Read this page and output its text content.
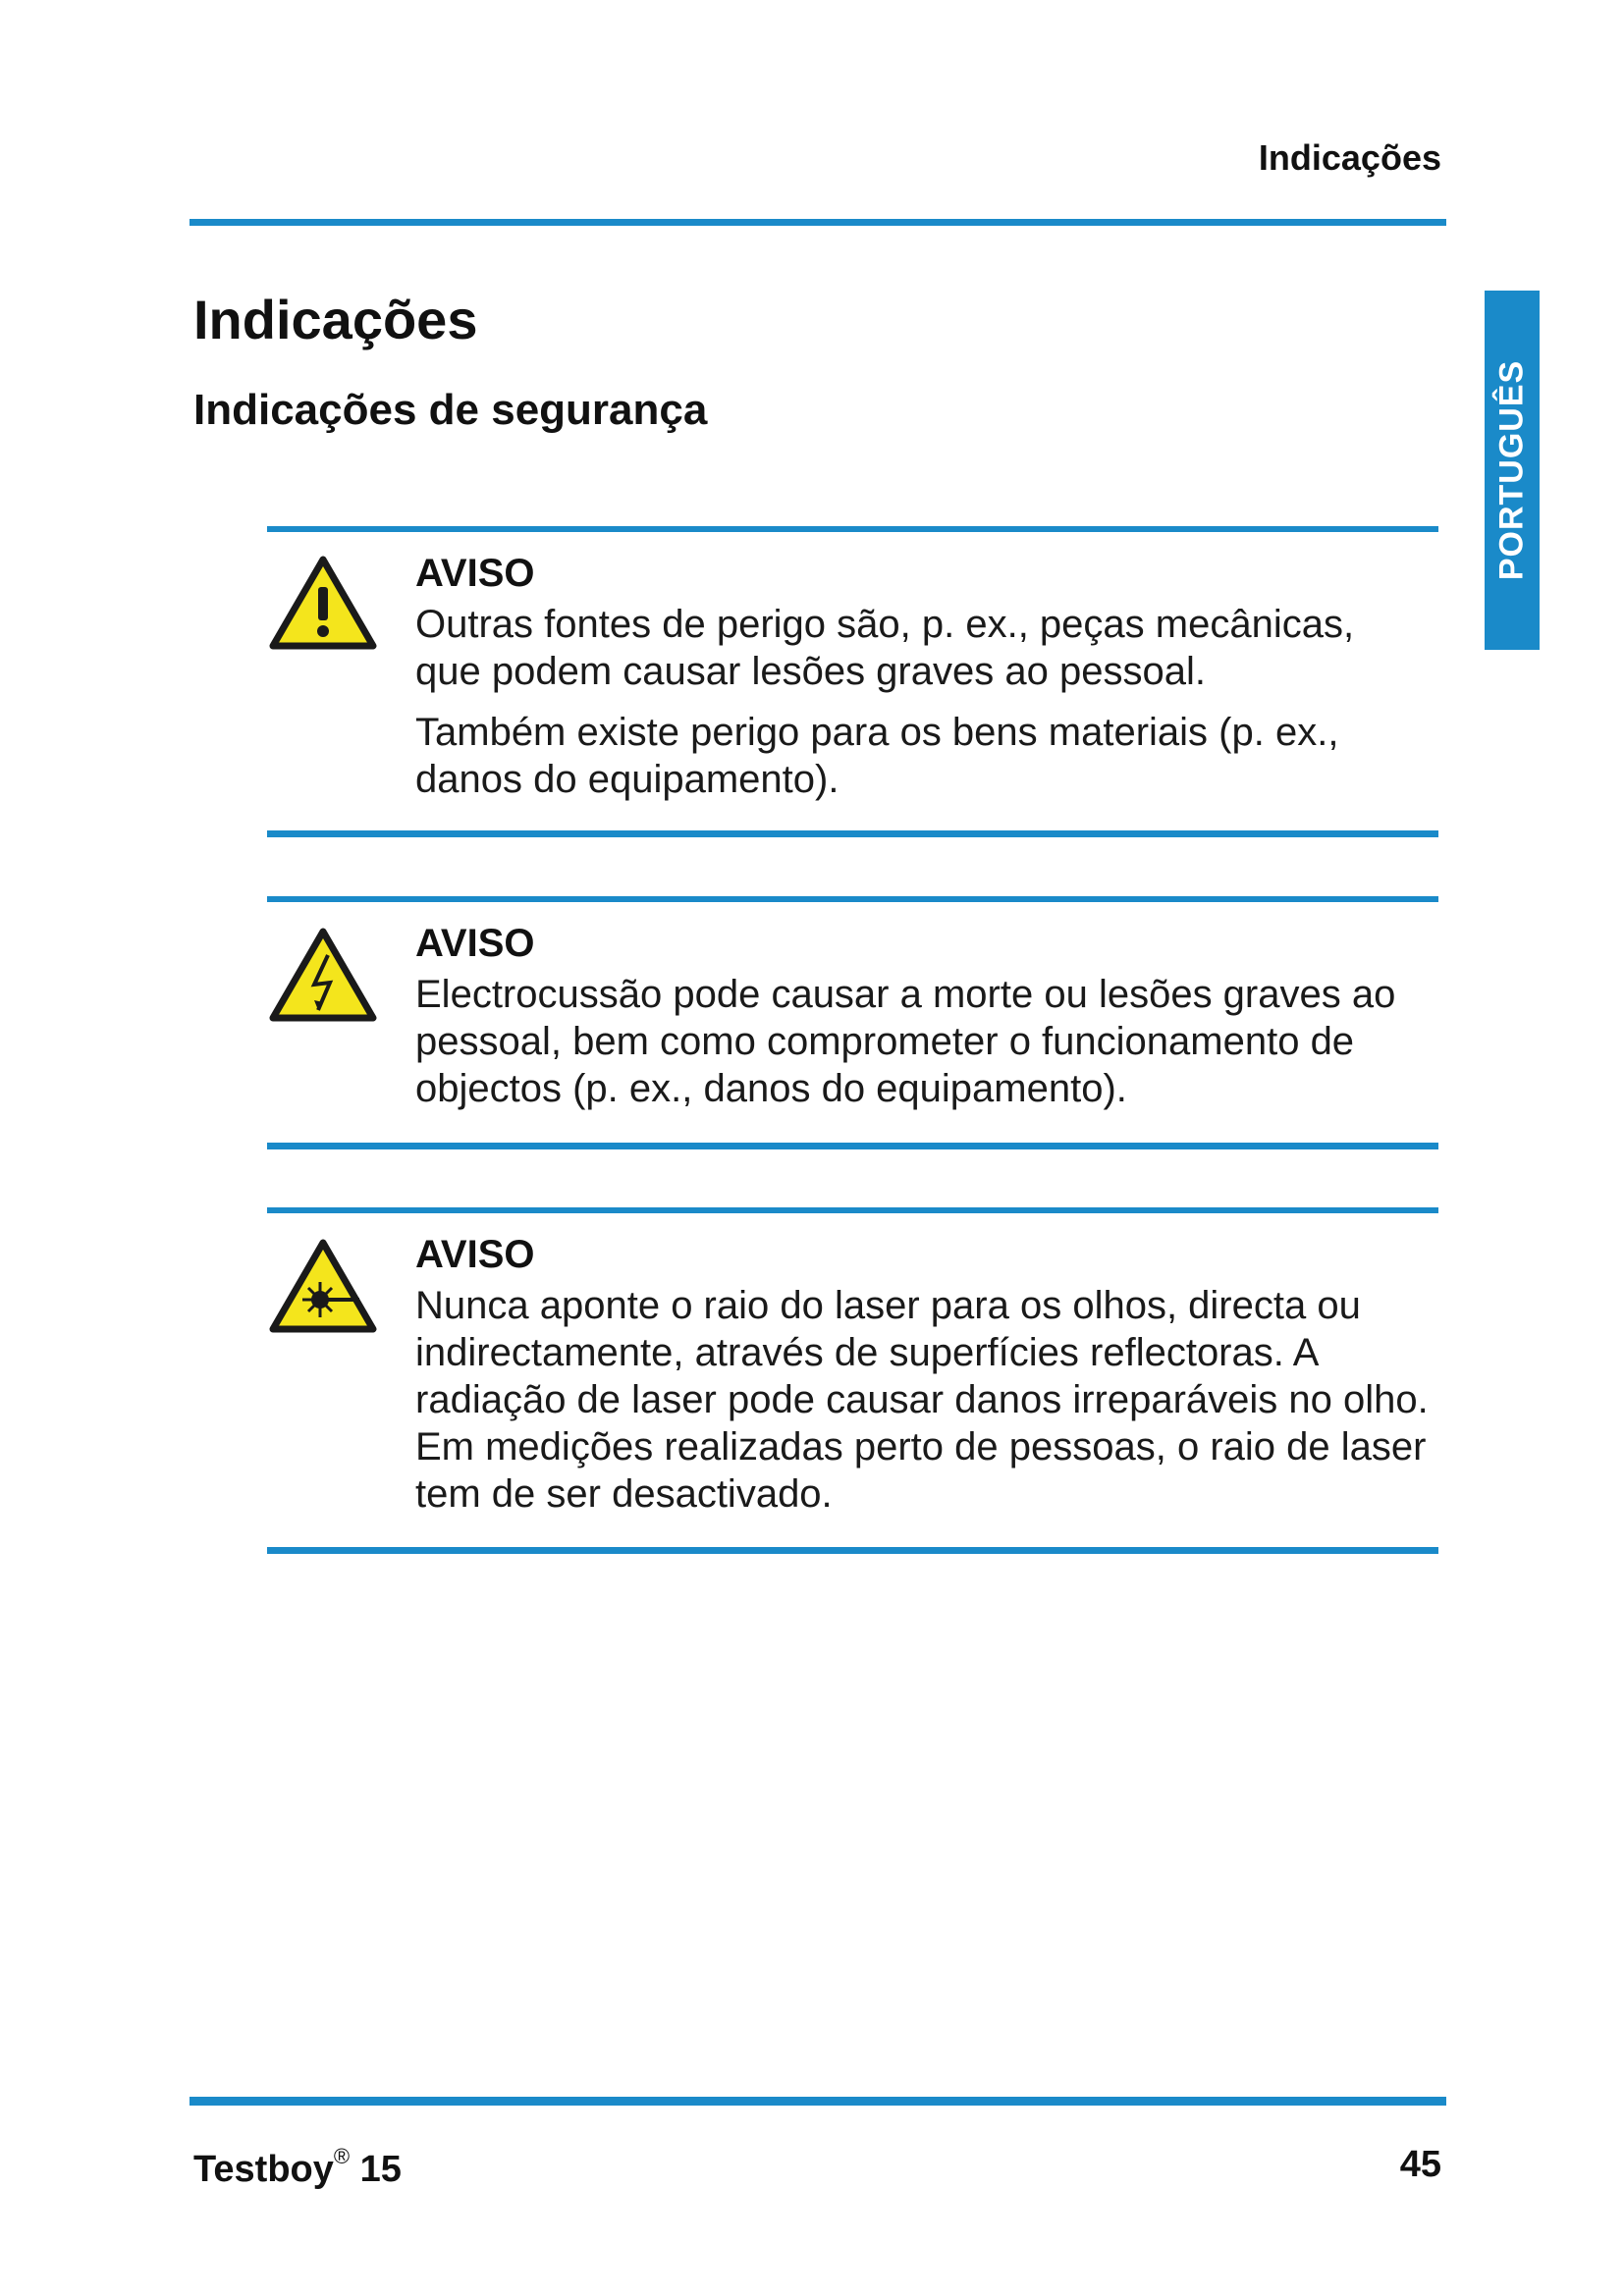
Indicações
PORTUGUÊS
Indicações
Indicações de segurança

AVISO

Outras fontes de perigo são, p. ex., peças mecânicas, que podem causar lesões graves ao pessoal.

Também existe perigo para os bens materiais (p. ex., danos do equipamento).

AVISO

Electrocussão pode causar a morte ou lesões graves ao pessoal, bem como comprometer o funcionamento de objectos (p. ex., danos do equipamento).

AVISO

Nunca aponte o raio do laser para os olhos, directa ou indirectamente, através de superfícies reflectoras. A radiação de laser pode causar danos irreparáveis no olho. Em medições realizadas perto de pessoas, o raio de laser tem de ser desactivado.

Testboy® 15	45
